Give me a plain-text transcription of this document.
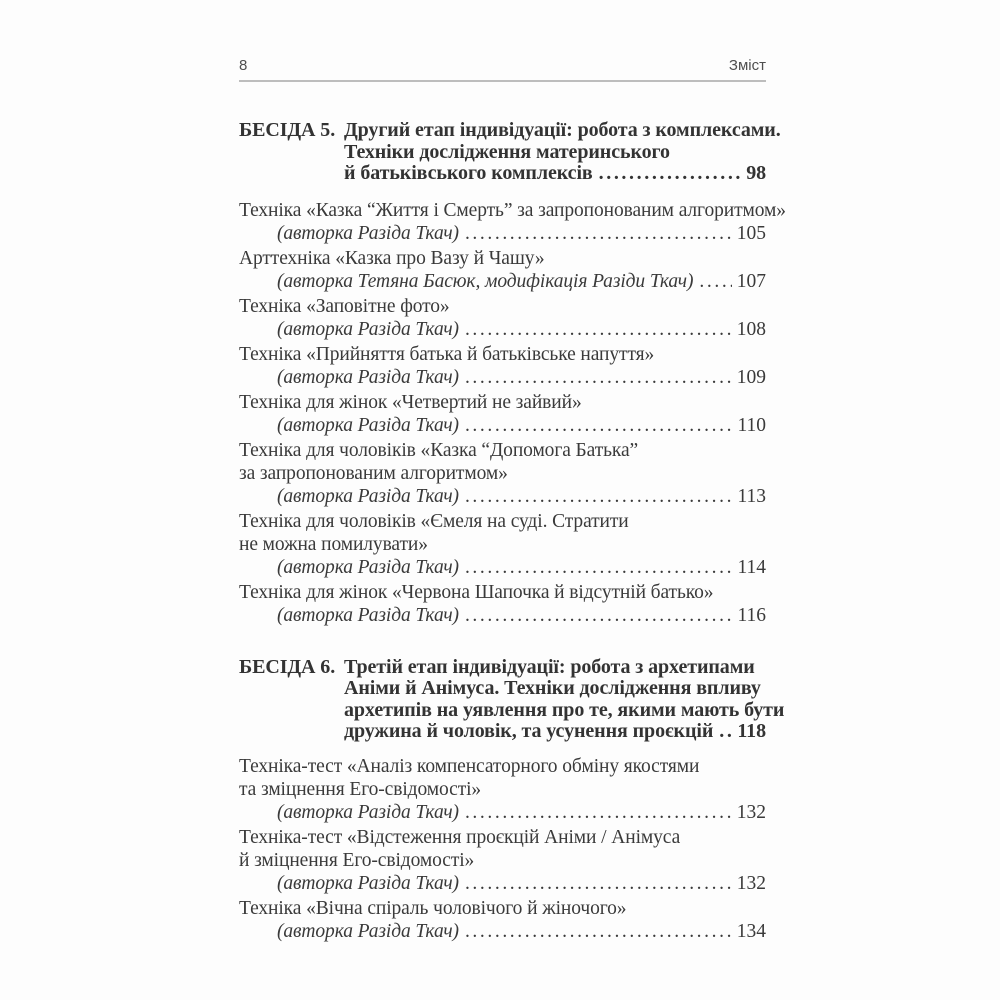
8	Зміст
БЕСІДА 5. Другий етап індивідуації: робота з комплексами.
Техніки дослідження материнського
й батьківського комплексів .....	98
Техніка «Казка “Життя і Смерть” за запропонованим алгоритмом»
(авторка Разіда Ткач) .....	105
Арттехніка «Казка про Вазу й Чашу»
(авторка Тетяна Басюк, модифікація Разіди Ткач) ..... 107
Техніка «Заповітне фото»
(авторка Разіда Ткач) .....	108
Техніка «Прийняття батька й батьківське напуття»
(авторка Разіда Ткач) .....	109
Техніка для жінок «Четвертий не зайвий»
(авторка Разіда Ткач) .....	110
Техніка для чоловіків «Казка “Допомога Батька”
за запропонованим алгоритмом»
(авторка Разіда Ткач) .....	113
Техніка для чоловіків «Ємеля на суді. Стратити
не можна помилувати»
(авторка Разіда Ткач) .....	114
Техніка для жінок «Червона Шапочка й відсутній батько»
(авторка Разіда Ткач) .....	116
БЕСІДА 6. Третій етап індивідуації: робота з архетипами
Аніми й Анімуса. Техніки дослідження впливу
архетипів на уявлення про те, якими мають бути
дружина й чоловік, та усунення проєкцій ..... 118
Техніка-тест «Аналіз компенсаторного обміну якостями
та зміцнення Его-свідомості»
(авторка Разіда Ткач) .....	132
Техніка-тест «Відстеження проєкцій Аніми / Анімуса
й зміцнення Его-свідомості»
(авторка Разіда Ткач) .....	132
Техніка «Вічна спіраль чоловічого й жіночого»
(авторка Разіда Ткач) .....	134
